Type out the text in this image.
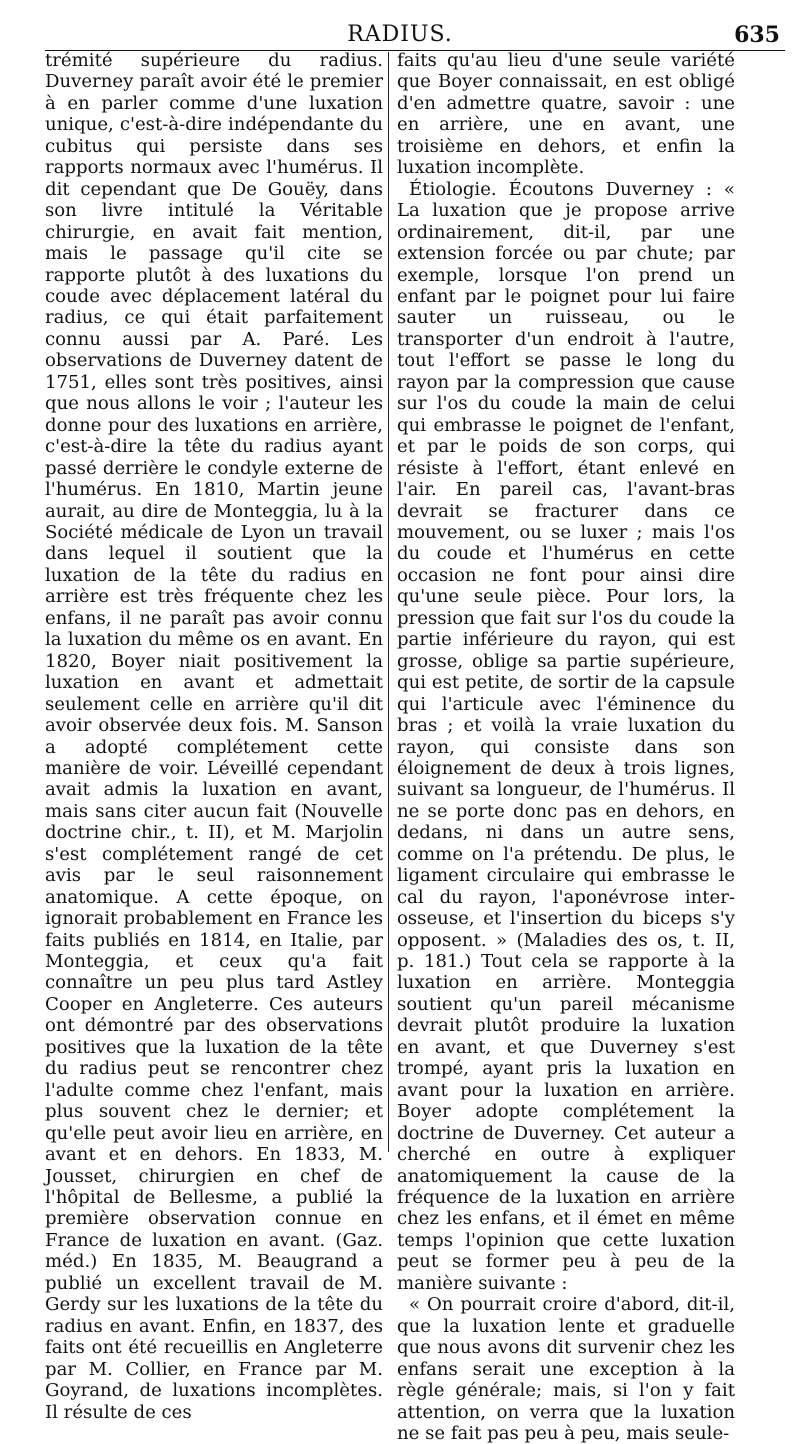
RADIUS.	635

trémité supérieure du radius. Duverney paraît avoir été le premier à en parler comme d'une luxation unique, c'est-à-dire indépendante du cubitus qui persiste dans ses rapports normaux avec l'humérus. Il dit cependant que De Gouëy, dans son livre intitulé la Véritable chirurgie, en avait fait mention, mais le passage qu'il cite se rapporte plutôt à des luxations du coude avec déplacement latéral du radius, ce qui était parfaitement connu aussi par A. Paré. Les observations de Duverney datent de 1751, elles sont très positives, ainsi que nous allons le voir ; l'auteur les donne pour des luxations en arrière, c'est-à-dire la tête du radius ayant passé derrière le condyle externe de l'humérus. En 1810, Martin jeune aurait, au dire de Monteggia, lu à la Société médicale de Lyon un travail dans lequel il soutient que la luxation de la tête du radius en arrière est très fréquente chez les enfans, il ne paraît pas avoir connu la luxation du même os en avant. En 1820, Boyer niait positivement la luxation en avant et admettait seulement celle en arrière qu'il dit avoir observée deux fois. M. Sanson a adopté complétement cette manière de voir. Léveillé cependant avait admis la luxation en avant, mais sans citer aucun fait (Nouvelle doctrine chir., t. II), et M. Marjolin s'est complétement rangé de cet avis par le seul raisonnement anatomique. A cette époque, on ignorait probablement en France les faits publiés en 1814, en Italie, par Monteggia, et ceux qu'a fait connaître un peu plus tard Astley Cooper en Angleterre. Ces auteurs ont démontré par des observations positives que la luxation de la tête du radius peut se rencontrer chez l'adulte comme chez l'enfant, mais plus souvent chez le dernier; et qu'elle peut avoir lieu en arrière, en avant et en dehors. En 1833, M. Jousset, chirurgien en chef de l'hôpital de Bellesme, a publié la première observation connue en France de luxation en avant. (Gaz. méd.) En 1835, M. Beaugrand a publié un excellent travail de M. Gerdy sur les luxations de la tête du radius en avant. Enfin, en 1837, des faits ont été recueillis en Angleterre par M. Collier, en France par M. Goyrand, de luxations incomplètes. Il résulte de ces

faits qu'au lieu d'une seule variété que Boyer connaissait, en est obligé d'en admettre quatre, savoir : une en arrière, une en avant, une troisième en dehors, et enfin la luxation incomplète.

Étiologie. Écoutons Duverney : « La luxation que je propose arrive ordinairement, dit-il, par une extension forcée ou par chute; par exemple, lorsque l'on prend un enfant par le poignet pour lui faire sauter un ruisseau, ou le transporter d'un endroit à l'autre, tout l'effort se passe le long du rayon par la compression que cause sur l'os du coude la main de celui qui embrasse le poignet de l'enfant, et par le poids de son corps, qui résiste à l'effort, étant enlevé en l'air. En pareil cas, l'avant-bras devrait se fracturer dans ce mouvement, ou se luxer ; mais l'os du coude et l'humérus en cette occasion ne font pour ainsi dire qu'une seule pièce. Pour lors, la pression que fait sur l'os du coude la partie inférieure du rayon, qui est grosse, oblige sa partie supérieure, qui est petite, de sortir de la capsule qui l'articule avec l'éminence du bras ; et voilà la vraie luxation du rayon, qui consiste dans son éloignement de deux à trois lignes, suivant sa longueur, de l'humérus. Il ne se porte donc pas en dehors, en dedans, ni dans un autre sens, comme on l'a prétendu. De plus, le ligament circulaire qui embrasse le cal du rayon, l'aponévrose inter-osseuse, et l'insertion du biceps s'y opposent. » (Maladies des os, t. II, p. 181.) Tout cela se rapporte à la luxation en arrière. Monteggia soutient qu'un pareil mécanisme devrait plutôt produire la luxation en avant, et que Duverney s'est trompé, ayant pris la luxation en avant pour la luxation en arrière. Boyer adopte complétement la doctrine de Duverney. Cet auteur a cherché en outre à expliquer anatomiquement la cause de la fréquence de la luxation en arrière chez les enfans, et il émet en même temps l'opinion que cette luxation peut se former peu à peu de la manière suivante :

« On pourrait croire d'abord, dit-il, que la luxation lente et graduelle que nous avons dit survenir chez les enfans serait une exception à la règle générale; mais, si l'on y fait attention, on verra que la luxation ne se fait pas peu à peu, mais seule-
